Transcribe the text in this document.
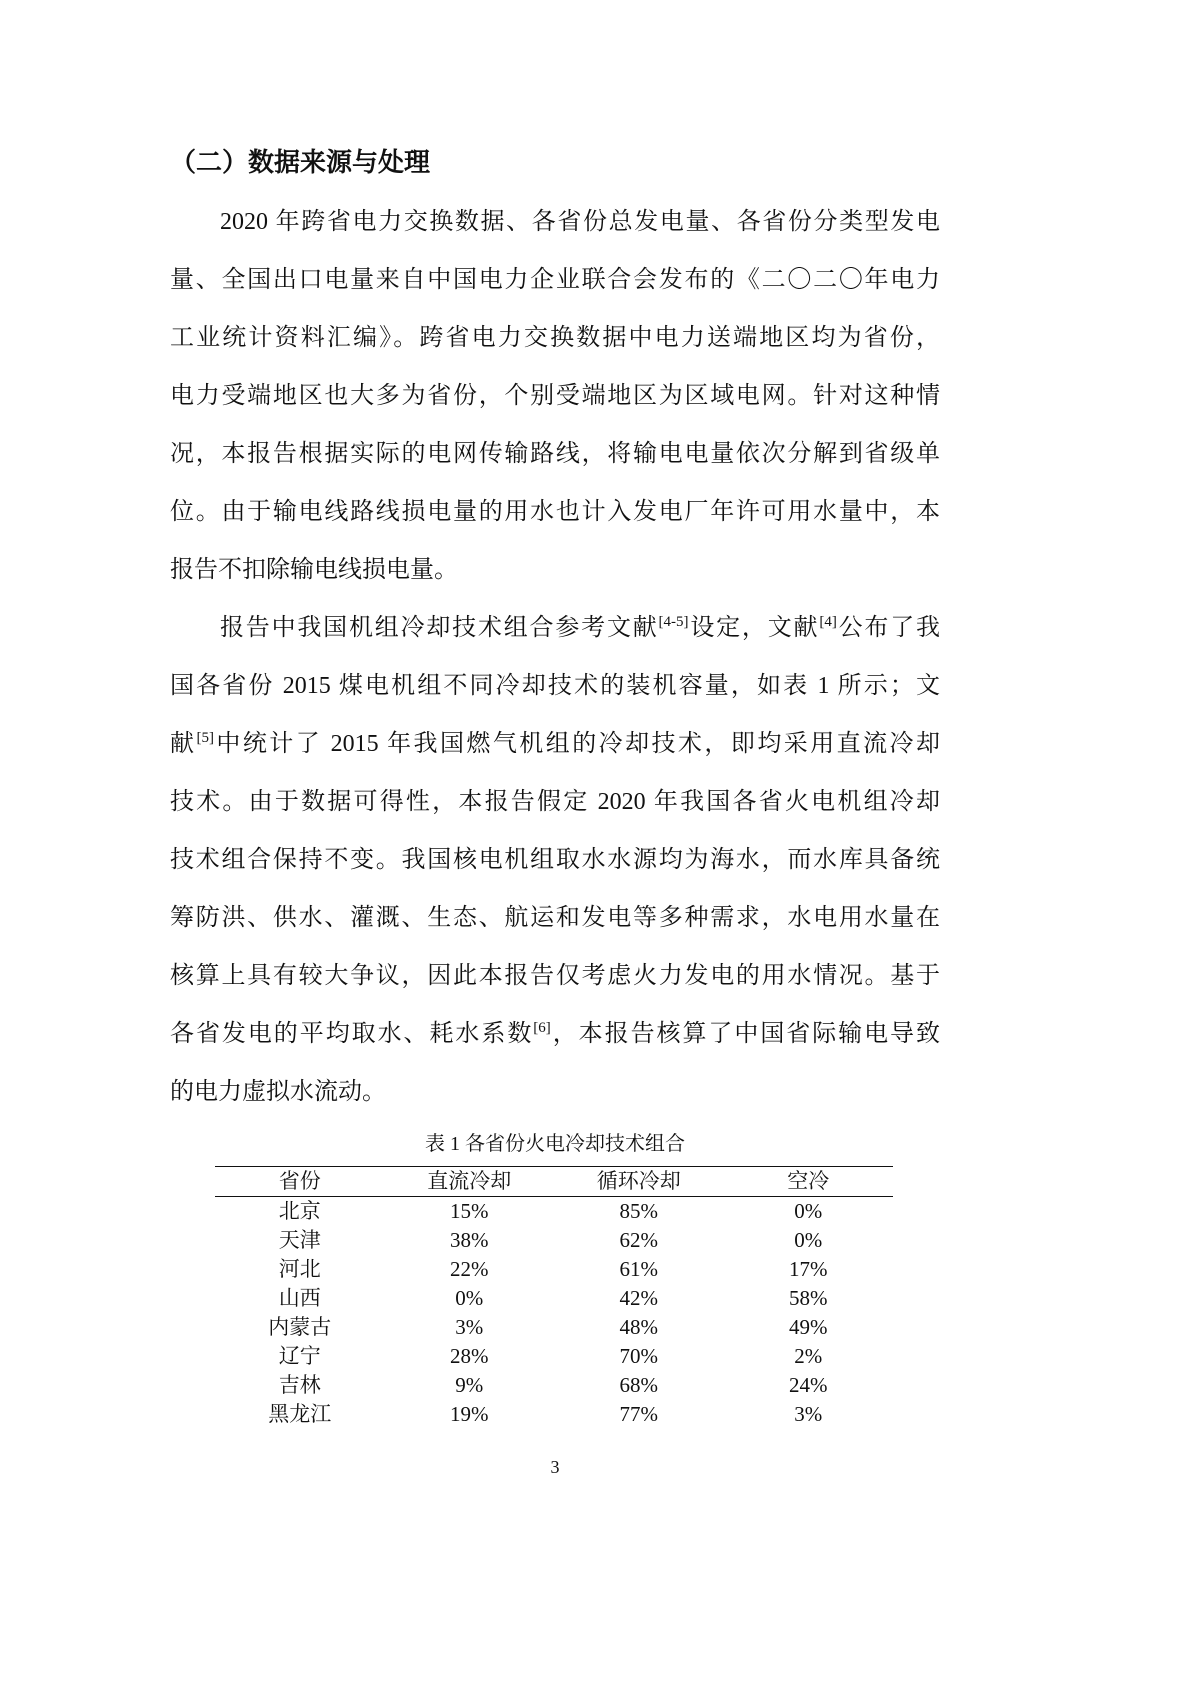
（二）数据来源与处理
2020 年跨省电力交换数据、各省份总发电量、各省份分类型发电
量、全国出口电量来自中国电力企业联合会发布的《二〇二〇年电力
工业统计资料汇编》。跨省电力交换数据中电力送端地区均为省份，
电力受端地区也大多为省份，个别受端地区为区域电网。针对这种情
况，本报告根据实际的电网传输路线，将输电电量依次分解到省级单
位。由于输电线路线损电量的用水也计入发电厂年许可用水量中，本
报告不扣除输电线损电量。
报告中我国机组冷却技术组合参考文献[4-5]设定，文献[4]公布了我
国各省份 2015 煤电机组不同冷却技术的装机容量，如表 1 所示；文
献[5]中统计了 2015 年我国燃气机组的冷却技术，即均采用直流冷却
技术。由于数据可得性，本报告假定 2020 年我国各省火电机组冷却
技术组合保持不变。我国核电机组取水水源均为海水，而水库具备统
筹防洪、供水、灌溉、生态、航运和发电等多种需求，水电用水量在
核算上具有较大争议，因此本报告仅考虑火力发电的用水情况。基于
各省发电的平均取水、耗水系数[6]，本报告核算了中国省际输电导致
的电力虚拟水流动。
表 1 各省份火电冷却技术组合
省份	直流冷却	循环冷却	空冷
北京	15%	85%	0%
天津	38%	62%	0%
河北	22%	61%	17%
山西	0%	42%	58%
内蒙古	3%	48%	49%
辽宁	28%	70%	2%
吉林	9%	68%	24%
黑龙江	19%	77%	3%
3
